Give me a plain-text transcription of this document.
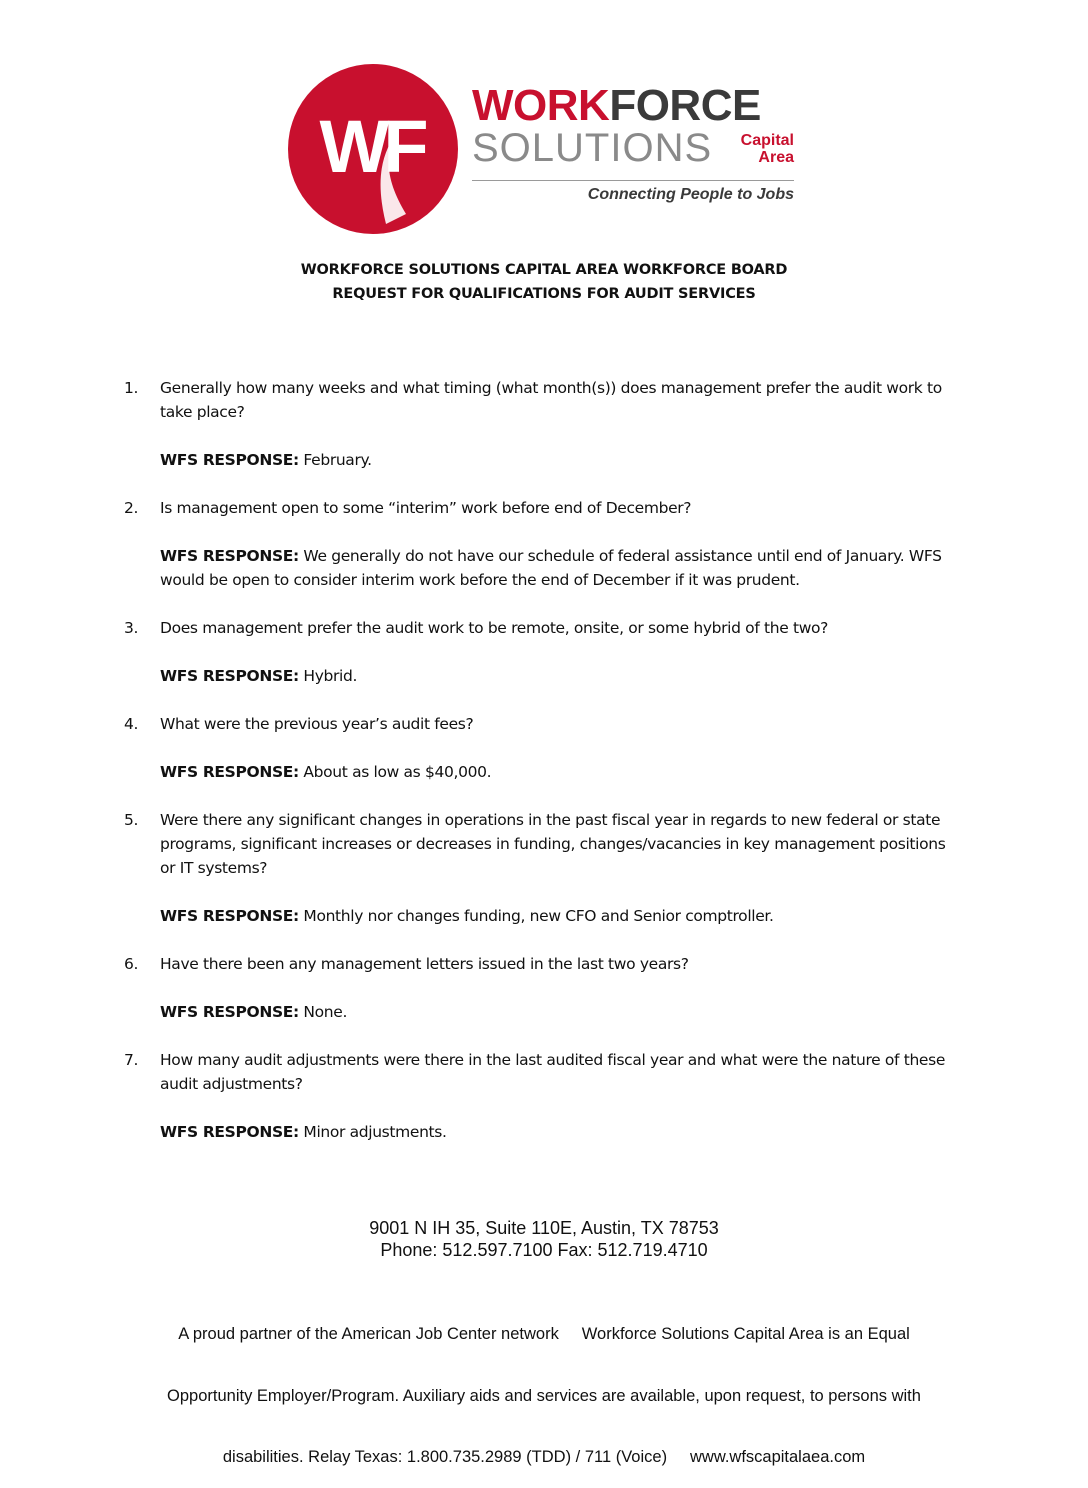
WF WORKFORCE
SOLUTIONS	Capital
Area
Connecting People to Jobs
WORKFORCE SOLUTIONS CAPITAL AREA WORKFORCE BOARD
REQUEST FOR QUALIFICATIONS FOR AUDIT SERVICES
1. Generally how many weeks and what timing (what month(s)) does management prefer the audit work to take place?

WFS RESPONSE: February.

2. Is management open to some “interim” work before end of December?

WFS RESPONSE: We generally do not have our schedule of federal assistance until end of January. WFS would be open to consider interim work before the end of December if it was prudent.

3. Does management prefer the audit work to be remote, onsite, or some hybrid of the two?

WFS RESPONSE: Hybrid.

4. What were the previous year’s audit fees?

WFS RESPONSE: About as low as $40,000.

5. Were there any significant changes in operations in the past fiscal year in regards to new federal or state programs, significant increases or decreases in funding, changes/vacancies in key management positions or IT systems?

WFS RESPONSE: Monthly nor changes funding, new CFO and Senior comptroller.

6. Have there been any management letters issued in the last two years?

WFS RESPONSE: None.

7. How many audit adjustments were there in the last audited fiscal year and what were the nature of these audit adjustments?

WFS RESPONSE: Minor adjustments.

9001 N IH 35, Suite 110E, Austin, TX 78753
Phone: 512.597.7100 Fax: 512.719.4710

A proud partner of the American Job Center network     Workforce Solutions Capital Area is an Equal

Opportunity Employer/Program. Auxiliary aids and services are available, upon request, to persons with

disabilities. Relay Texas: 1.800.735.2989 (TDD) / 711 (Voice)     www.wfscapitalaea.com
